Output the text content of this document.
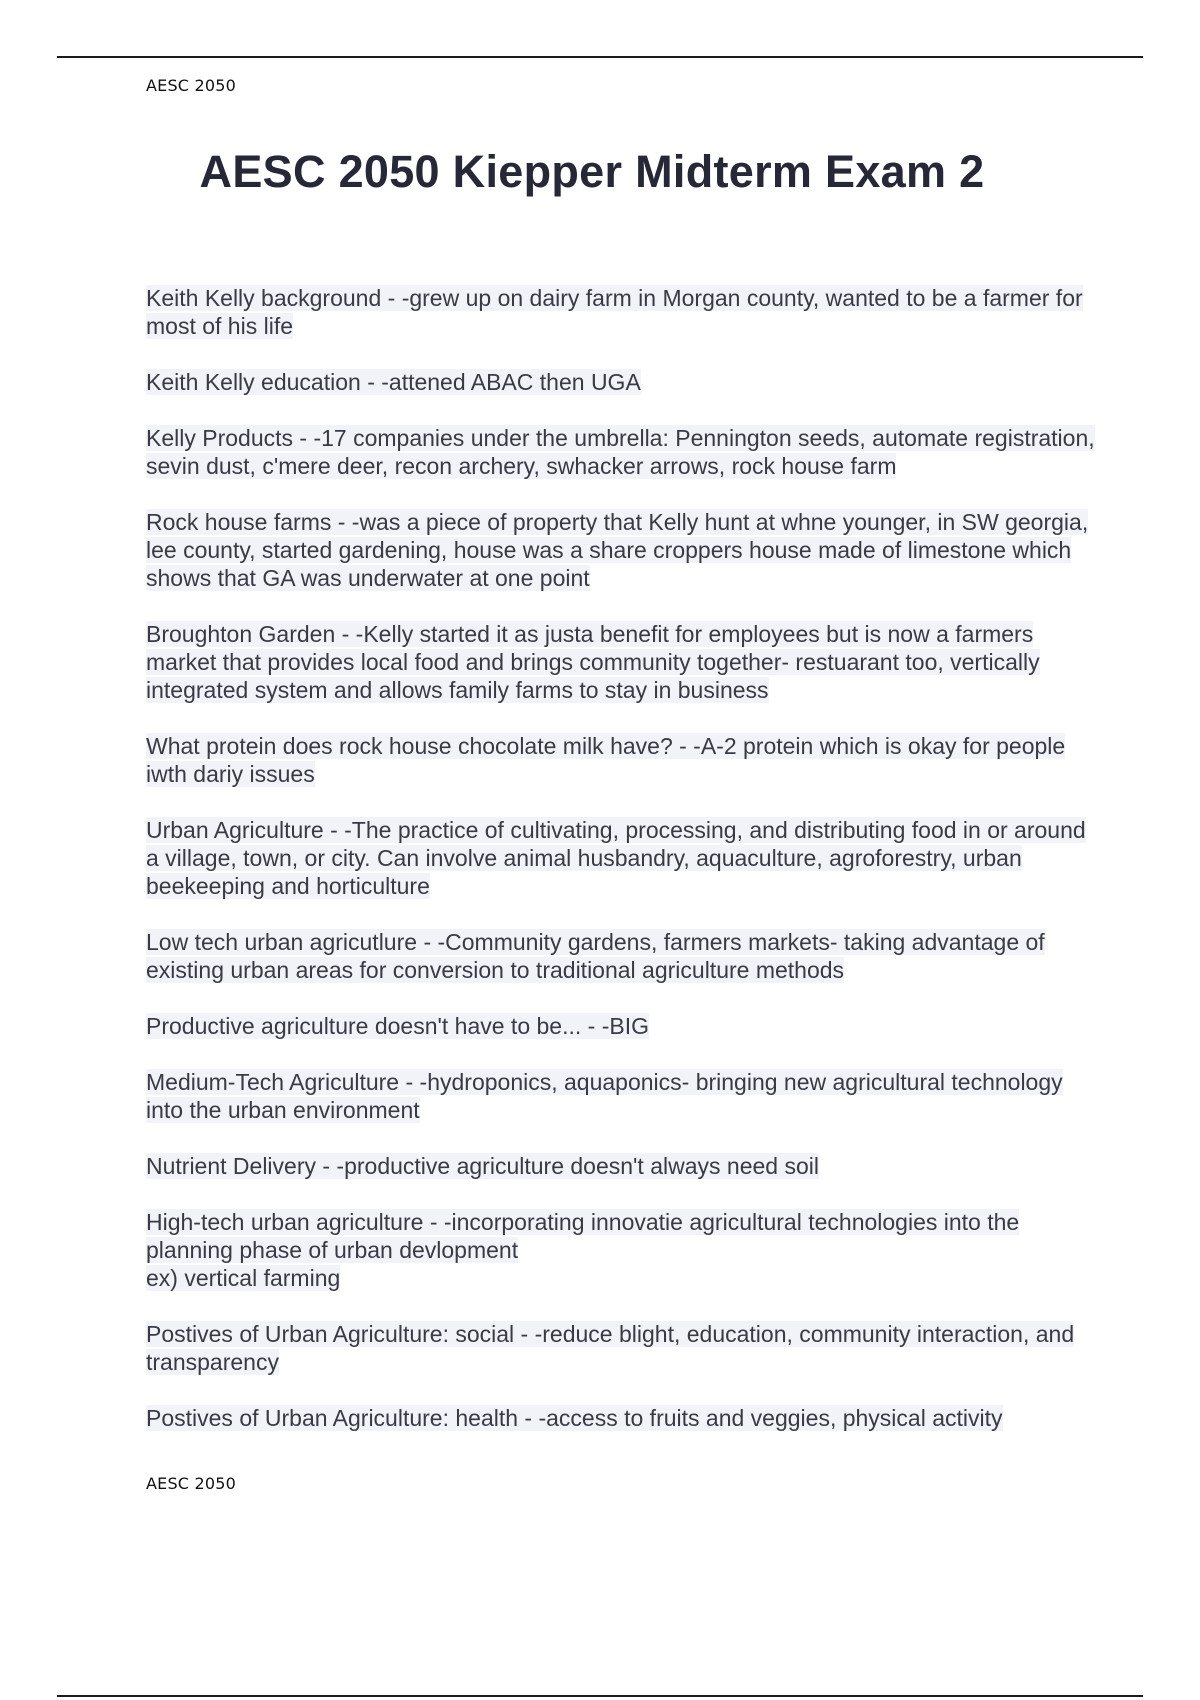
AESC 2050
AESC 2050 Kiepper Midterm Exam 2
Keith Kelly background - -grew up on dairy farm in Morgan county, wanted to be a farmer for most of his life
Keith Kelly education - -attened ABAC then UGA
Kelly Products - -17 companies under the umbrella: Pennington seeds, automate registration, sevin dust, c'mere deer, recon archery, swhacker arrows, rock house farm
Rock house farms - -was a piece of property that Kelly hunt at whne younger, in SW georgia, lee county, started gardening, house was a share croppers house made of limestone which shows that GA was underwater at one point
Broughton Garden - -Kelly started it as justa benefit for employees but is now a farmers market that provides local food and brings community together- restuarant too, vertically integrated system and allows family farms to stay in business
What protein does rock house chocolate milk have? - -A-2 protein which is okay for people iwth dariy issues
Urban Agriculture - -The practice of cultivating, processing, and distributing food in or around a village, town, or city. Can involve animal husbandry, aquaculture, agroforestry, urban beekeeping and horticulture
Low tech urban agricutlure - -Community gardens, farmers markets- taking advantage of existing urban areas for conversion to traditional agriculture methods
Productive agriculture doesn't have to be... - -BIG
Medium-Tech Agriculture - -hydroponics, aquaponics- bringing new agricultural technology into the urban environment
Nutrient Delivery - -productive agriculture doesn't always need soil
High-tech urban agriculture - -incorporating innovatie agricultural technologies into the planning phase of urban devlopment
ex) vertical farming
Postives of Urban Agriculture: social - -reduce blight, education, community interaction, and transparency
Postives of Urban Agriculture: health - -access to fruits and veggies, physical activity
AESC 2050
